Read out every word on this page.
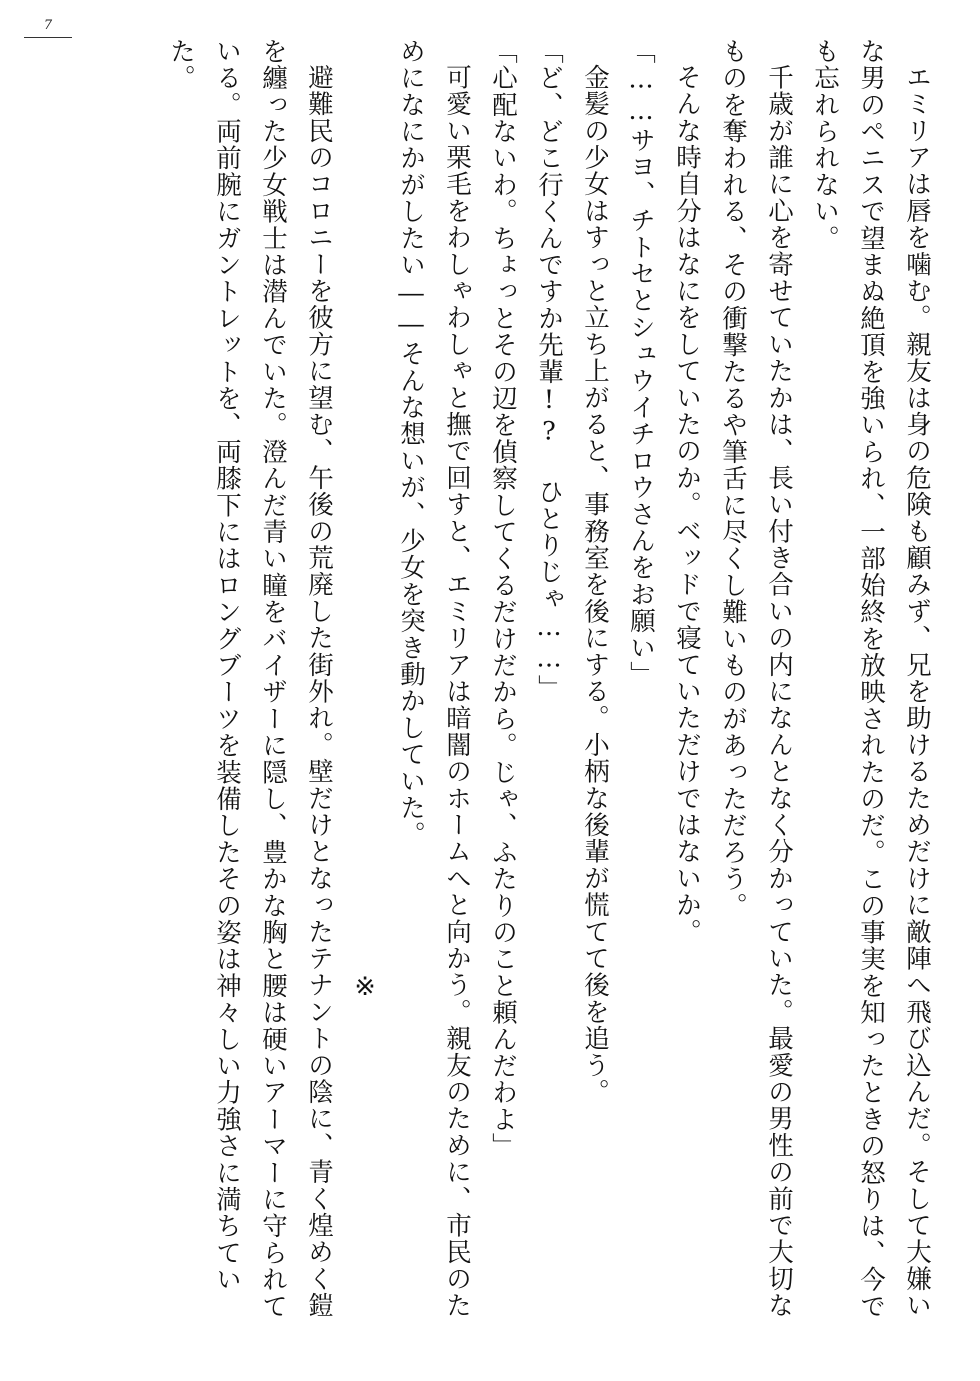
7

エミリアは唇を噛む。親友は身の危険も顧みず、兄を助けるためだけに敵陣へ飛び込んだ。そして大嫌いな男のペニスで望まぬ絶頂を強いられ、一部始終を放映されたのだ。この事実を知ったときの怒りは、今でも忘れられない。

千歳が誰に心を寄せていたかは、長い付き合いの内になんとなく分かっていた。最愛の男性の前で大切なものを奪われる、その衝撃たるや筆舌に尽くし難いものがあっただろう。

そんな時自分はなにをしていたのか。ベッドで寝ていただけではないか。

「……サヨ、チトセとシュウイチロウさんをお願い」

金髪の少女はすっと立ち上がると、事務室を後にする。小柄な後輩が慌てて後を追う。

「ど、どこ行くんですか先輩!? ひとりじゃ……」

「心配ないわ。ちょっとその辺を偵察してくるだけだから。じゃ、ふたりのこと頼んだわよ」

可愛い栗毛をわしゃわしゃと撫で回すと、エミリアは暗闇のホームへと向かう。親友のために、市民のためになにかがしたい――そんな想いが、少女を突き動かしていた。

※

避難民のコロニーを彼方に望む、午後の荒廃した街外れ。壁だけとなったテナントの陰に、青く煌めく鎧を纏った少女戦士は潜んでいた。澄んだ青い瞳をバイザーに隠し、豊かな胸と腰は硬いアーマーに守られている。両前腕にガントレットを、両膝下にはロングブーツを装備したその姿は神々しい力強さに満ちていた。
